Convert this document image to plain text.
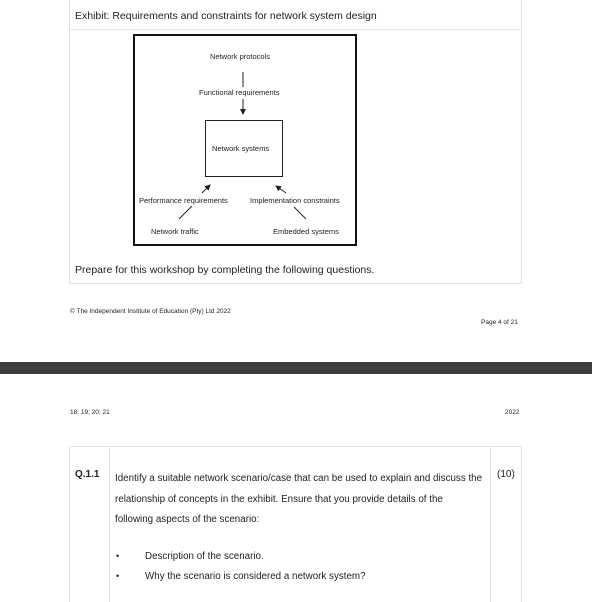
Exhibit: Requirements and constraints for network system design
Network protocols
Functional requirements
Network systems
Performance requirements	Implementation constraints
Network traffic	Embedded systems
Prepare for this workshop by completing the following questions.
© The Independent Institute of Education (Pty) Ltd 2022
Page 4 of 21
18; 19; 20; 21	2022
Q.1.1 Identify a suitable network scenario/case that can be used to explain and discuss the relationship of concepts in the exhibit. Ensure that you provide details of the following aspects of the scenario:
(10)
•	Description of the scenario.
•	Why the scenario is considered a network system?
